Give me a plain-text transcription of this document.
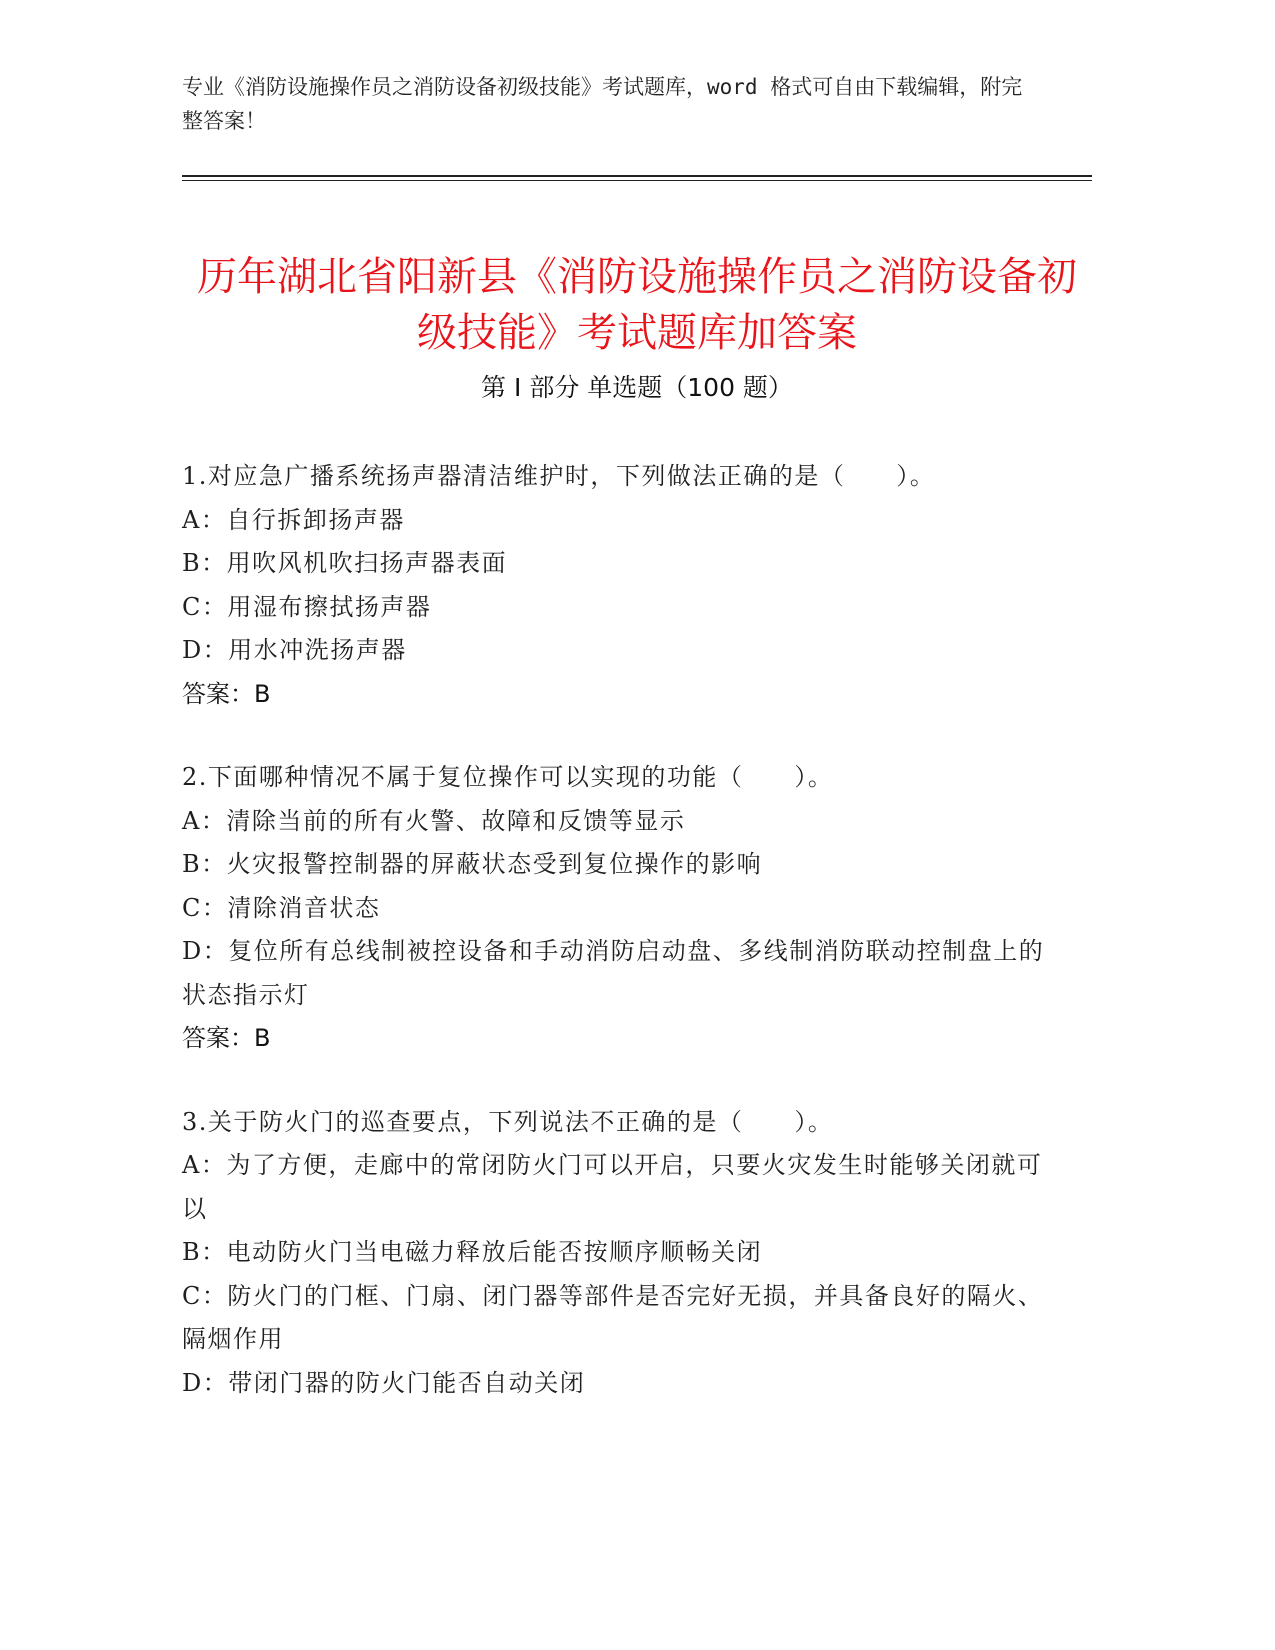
专业《消防设施操作员之消防设备初级技能》考试题库，word 格式可自由下载编辑，附完整答案！
历年湖北省阳新县《消防设施操作员之消防设备初级技能》考试题库加答案
第 I 部分 单选题（100 题）
1.对应急广播系统扬声器清洁维护时，下列做法正确的是（　　）。
A：自行拆卸扬声器
B：用吹风机吹扫扬声器表面
C：用湿布擦拭扬声器
D：用水冲洗扬声器
答案：B
2.下面哪种情况不属于复位操作可以实现的功能（　　）。
A：清除当前的所有火警、故障和反馈等显示
B：火灾报警控制器的屏蔽状态受到复位操作的影响
C：清除消音状态
D：复位所有总线制被控设备和手动消防启动盘、多线制消防联动控制盘上的状态指示灯
答案：B
3.关于防火门的巡查要点，下列说法不正确的是（　　）。
A：为了方便，走廊中的常闭防火门可以开启，只要火灾发生时能够关闭就可以
B：电动防火门当电磁力释放后能否按顺序顺畅关闭
C：防火门的门框、门扇、闭门器等部件是否完好无损，并具备良好的隔火、隔烟作用
D：带闭门器的防火门能否自动关闭
